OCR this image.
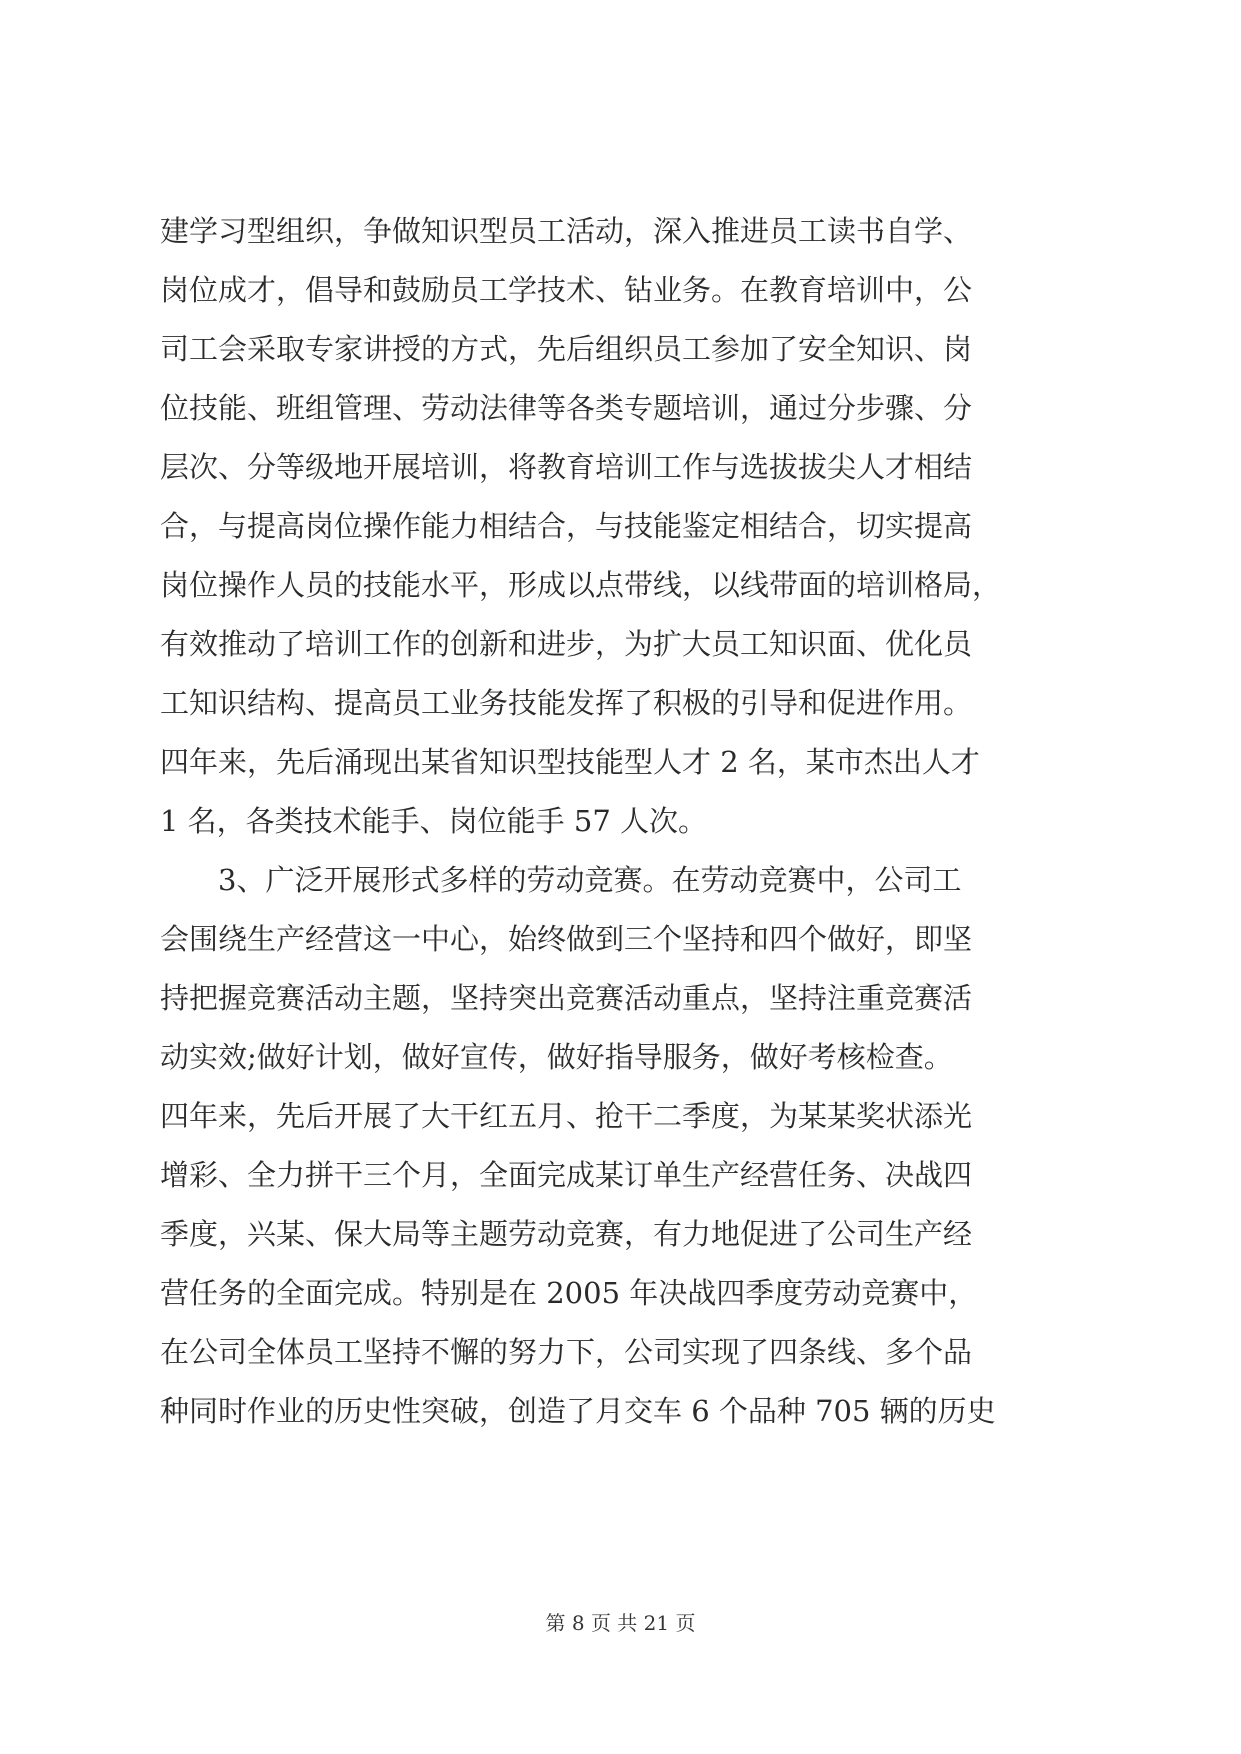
建学习型组织，争做知识型员工活动，深入推进员工读书自学、
岗位成才，倡导和鼓励员工学技术、钻业务。在教育培训中，公
司工会采取专家讲授的方式，先后组织员工参加了安全知识、岗
位技能、班组管理、劳动法律等各类专题培训，通过分步骤、分
层次、分等级地开展培训，将教育培训工作与选拔拔尖人才相结
合，与提高岗位操作能力相结合，与技能鉴定相结合，切实提高
岗位操作人员的技能水平，形成以点带线，以线带面的培训格局，
有效推动了培训工作的创新和进步，为扩大员工知识面、优化员
工知识结构、提高员工业务技能发挥了积极的引导和促进作用。
四年来，先后涌现出某省知识型技能型人才 2 名，某市杰出人才
1 名，各类技术能手、岗位能手 57 人次。
　　3、广泛开展形式多样的劳动竞赛。在劳动竞赛中，公司工
会围绕生产经营这一中心，始终做到三个坚持和四个做好，即坚
持把握竞赛活动主题，坚持突出竞赛活动重点，坚持注重竞赛活
动实效;做好计划，做好宣传，做好指导服务，做好考核检查。
四年来，先后开展了大干红五月、抢干二季度，为某某奖状添光
增彩、全力拼干三个月，全面完成某订单生产经营任务、决战四
季度，兴某、保大局等主题劳动竞赛，有力地促进了公司生产经
营任务的全面完成。特别是在 2005 年决战四季度劳动竞赛中，
在公司全体员工坚持不懈的努力下，公司实现了四条线、多个品
种同时作业的历史性突破，创造了月交车 6 个品种 705 辆的历史
第 8 页 共 21 页
